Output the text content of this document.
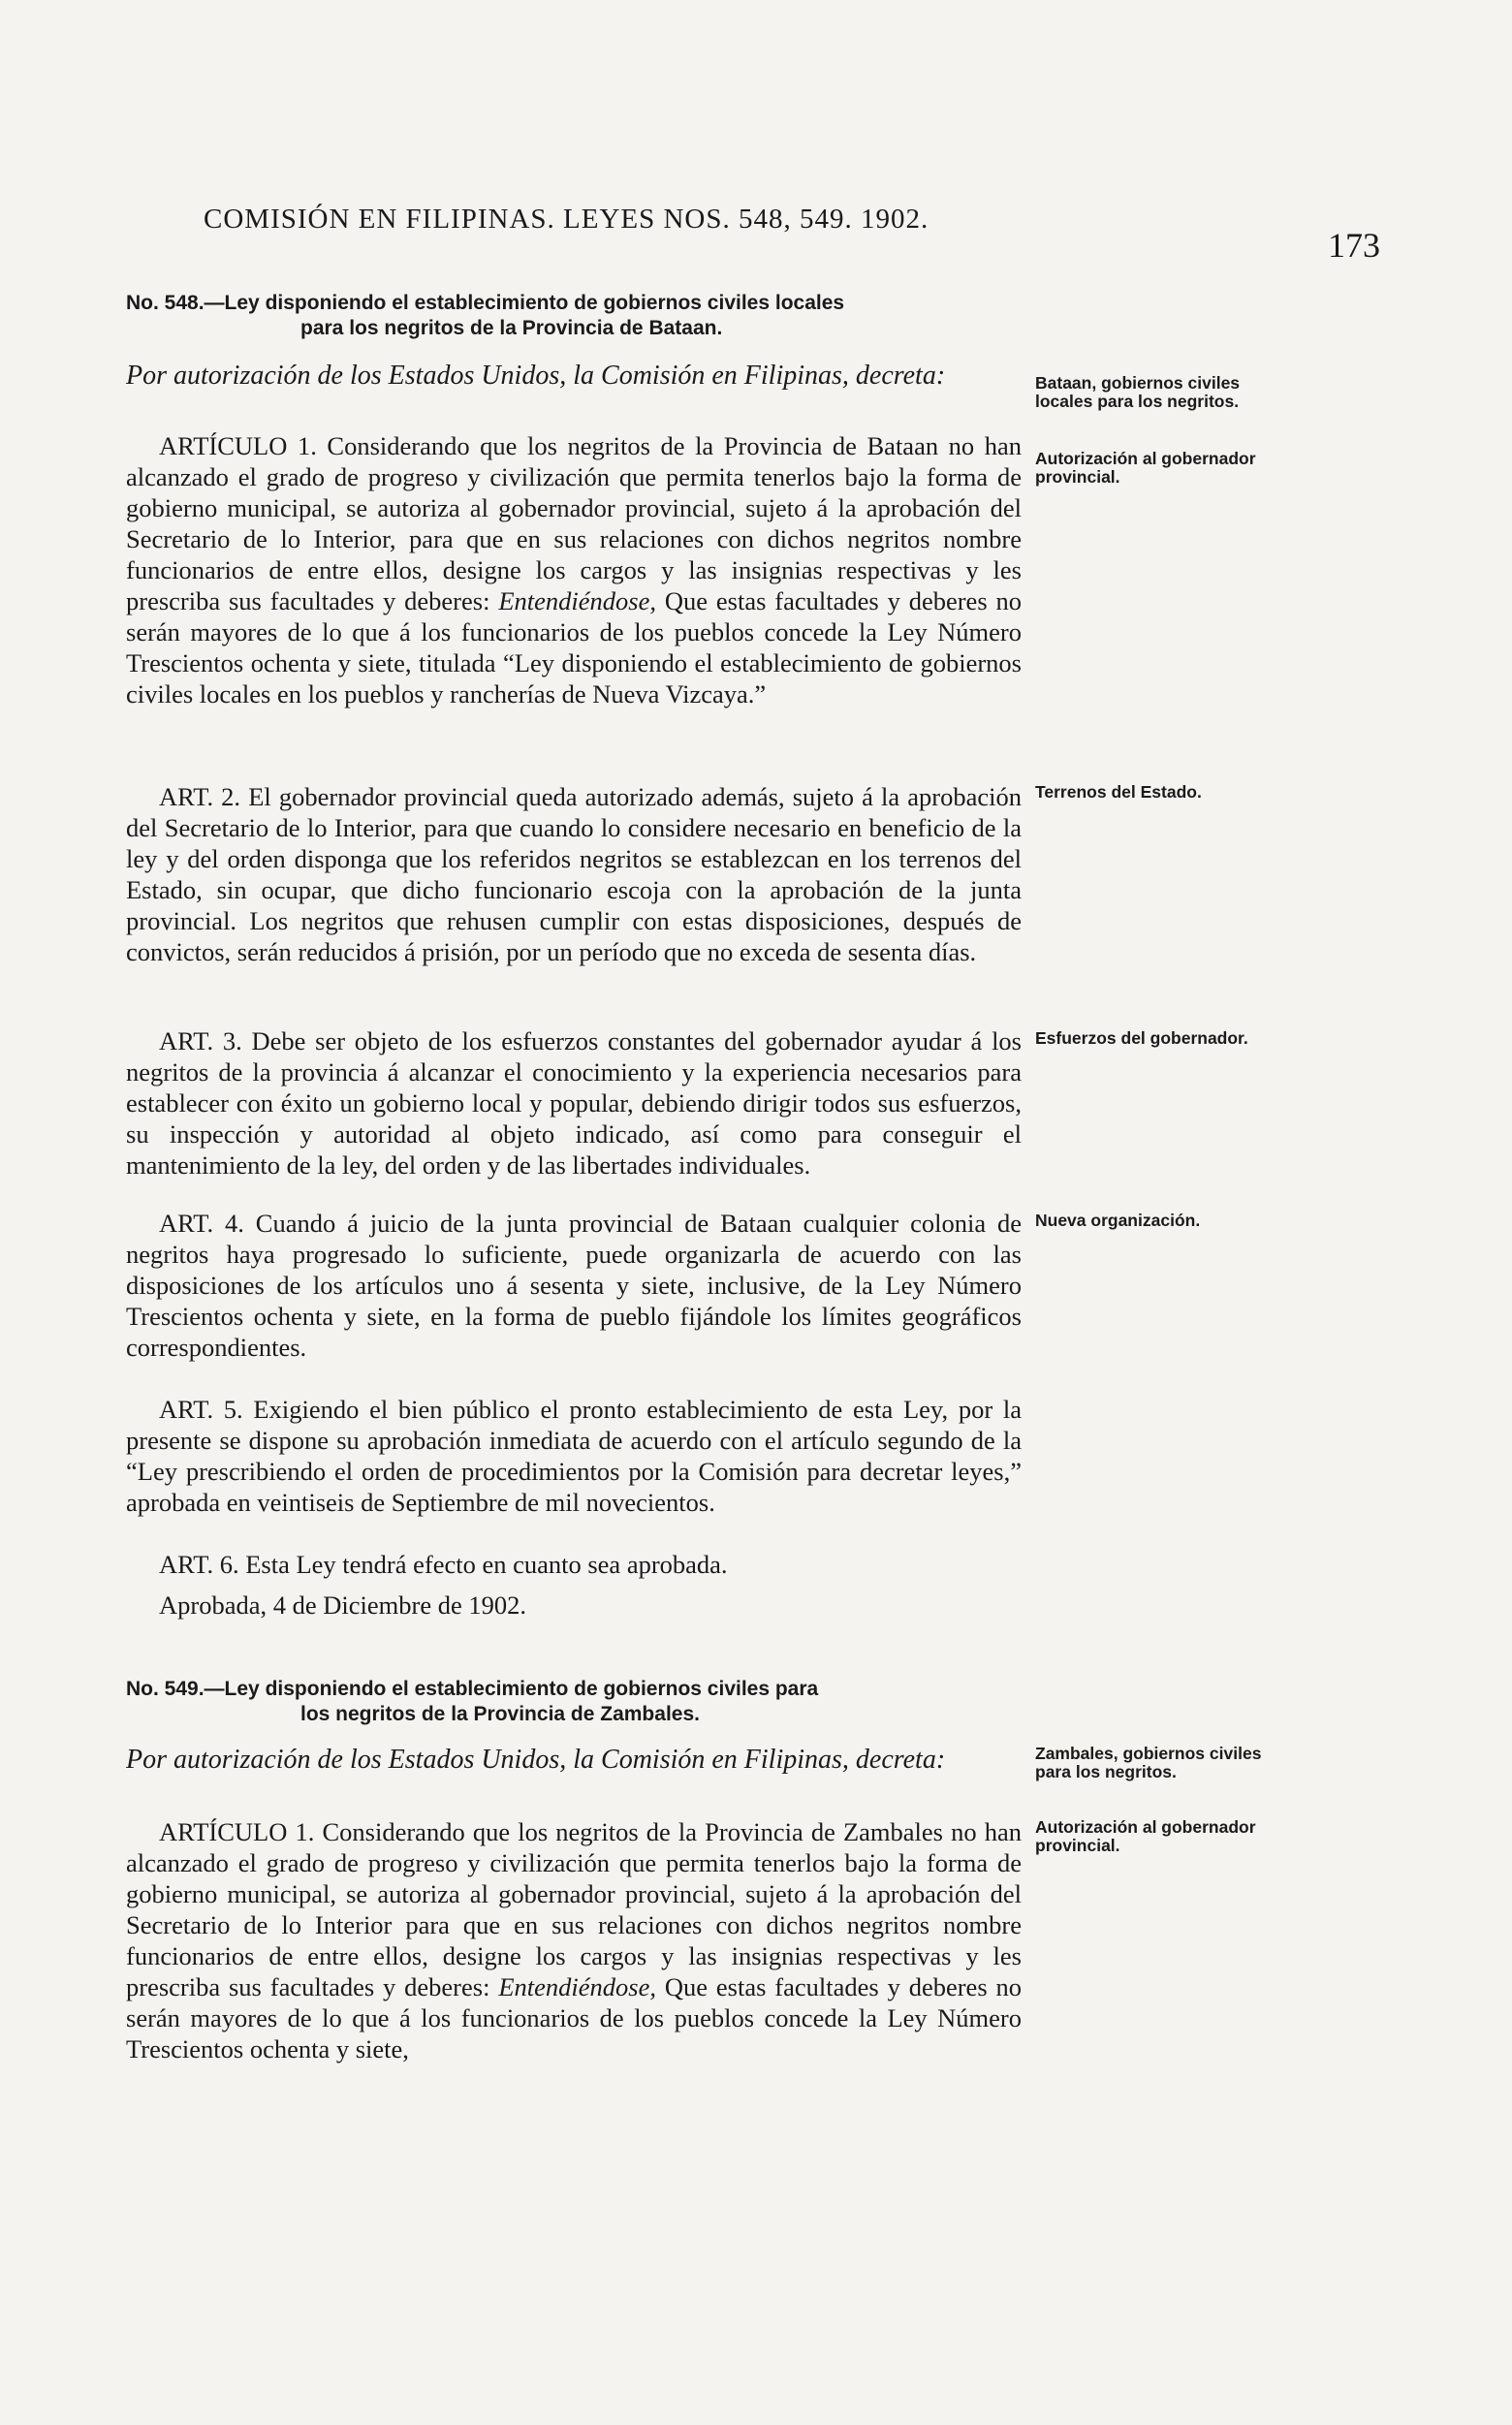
COMISIÓN EN FILIPINAS. LEYES NOS. 548, 549. 1902.
173
No. 548.—Ley disponiendo el establecimiento de gobiernos civiles locales
para los negritos de la Provincia de Bataan.

Por autorización de los Estados Unidos, la Comisión en Filipinas, decreta:

ARTÍCULO 1. Considerando que los negritos de la Provincia de Bataan no han alcanzado el grado de progreso y civilización que permita tenerlos bajo la forma de gobierno municipal, se autoriza al gobernador provincial, sujeto á la aprobación del Secretario de lo Interior, para que en sus relaciones con dichos negritos nombre funcionarios de entre ellos, designe los cargos y las insignias respectivas y les prescriba sus facultades y deberes: Entendiéndose, Que estas facultades y deberes no serán mayores de lo que á los funcionarios de los pueblos concede la Ley Número Trescientos ochenta y siete, titulada “Ley disponiendo el establecimiento de gobiernos civiles locales en los pueblos y rancherías de Nueva Vizcaya.”

ART. 2. El gobernador provincial queda autorizado además, sujeto á la aprobación del Secretario de lo Interior, para que cuando lo considere necesario en beneficio de la ley y del orden disponga que los referidos negritos se establezcan en los terrenos del Estado, sin ocupar, que dicho funcionario escoja con la aprobación de la junta provincial. Los negritos que rehusen cumplir con estas disposiciones, después de convictos, serán reducidos á prisión, por un período que no exceda de sesenta días.

ART. 3. Debe ser objeto de los esfuerzos constantes del gobernador ayudar á los negritos de la provincia á alcanzar el conocimiento y la experiencia necesarios para establecer con éxito un gobierno local y popular, debiendo dirigir todos sus esfuerzos, su inspección y autoridad al objeto indicado, así como para conseguir el mantenimiento de la ley, del orden y de las libertades individuales.

ART. 4. Cuando á juicio de la junta provincial de Bataan cualquier colonia de negritos haya progresado lo suficiente, puede organizarla de acuerdo con las disposiciones de los artículos uno á sesenta y siete, inclusive, de la Ley Número Trescientos ochenta y siete, en la forma de pueblo fijándole los límites geográficos correspondientes.

ART. 5. Exigiendo el bien público el pronto establecimiento de esta Ley, por la presente se dispone su aprobación inmediata de acuerdo con el artículo segundo de la “Ley prescribiendo el orden de procedimientos por la Comisión para decretar leyes,” aprobada en veintiseis de Septiembre de mil novecientos.

ART. 6. Esta Ley tendrá efecto en cuanto sea aprobada.

Aprobada, 4 de Diciembre de 1902.

No. 549.—Ley disponiendo el establecimiento de gobiernos civiles para
los negritos de la Provincia de Zambales.

Por autorización de los Estados Unidos, la Comisión en Filipinas, decreta:

ARTÍCULO 1. Considerando que los negritos de la Provincia de Zambales no han alcanzado el grado de progreso y civilización que permita tenerlos bajo la forma de gobierno municipal, se autoriza al gobernador provincial, sujeto á la aprobación del Secretario de lo Interior para que en sus relaciones con dichos negritos nombre funcionarios de entre ellos, designe los cargos y las insignias respectivas y les prescriba sus facultades y deberes: Entendiéndose, Que estas facultades y deberes no serán mayores de lo que á los funcionarios de los pueblos concede la Ley Número Trescientos ochenta y siete,

Bataan, gobiernos civiles locales para los negritos.
Autorización al gobernador provincial.
Terrenos del Estado.
Esfuerzos del gobernador.
Nueva organización.
Zambales, gobiernos civiles para los negritos.
Autorización al gobernador provincial.
